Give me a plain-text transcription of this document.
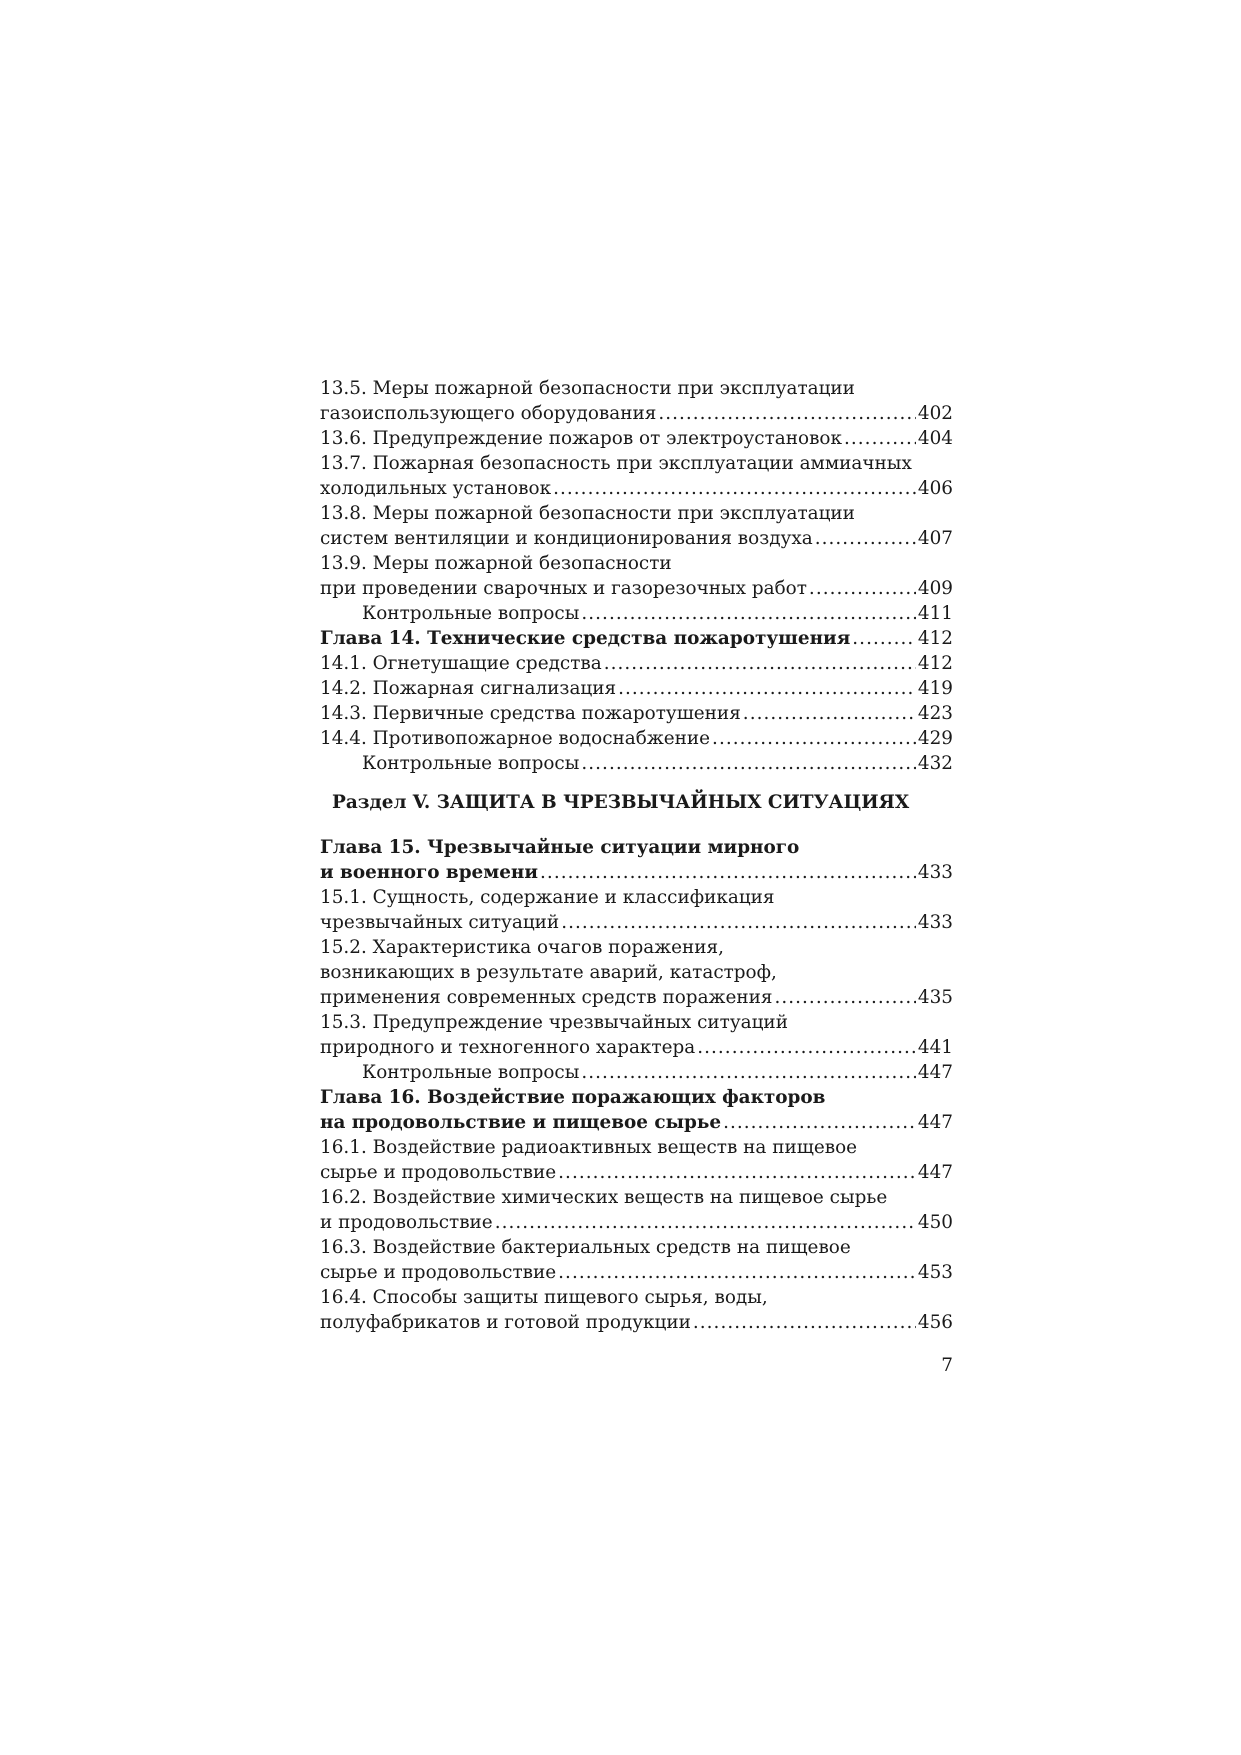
13.5. Меры пожарной безопасности при эксплуатации
газоиспользующего оборудования . . .	402
13.6. Предупреждение пожаров от электроустановок . . .	404
13.7. Пожарная безопасность при эксплуатации аммиачных
холодильных установок . . .	406
13.8. Меры пожарной безопасности при эксплуатации
систем вентиляции и кондиционирования воздуха . . .	407
13.9. Меры пожарной безопасности
при проведении сварочных и газорезочных работ . . .	409
Контрольные вопросы . . .	411
Глава 14. Технические средства пожаротушения . . .	412
14.1. Огнетушащие средства . . .	412
14.2. Пожарная сигнализация . . .	419
14.3. Первичные средства пожаротушения . . .	423
14.4. Противопожарное водоснабжение . . .	429
Контрольные вопросы . . .	432
Раздел V. ЗАЩИТА В ЧРЕЗВЫЧАЙНЫХ СИТУАЦИЯХ
Глава 15. Чрезвычайные ситуации мирного
и военного времени . . .	433
15.1. Сущность, содержание и классификация
чрезвычайных ситуаций . . .	433
15.2. Характеристика очагов поражения,
возникающих в результате аварий, катастроф,
применения современных средств поражения . . .	435
15.3. Предупреждение чрезвычайных ситуаций
природного и техногенного характера . . .	441
Контрольные вопросы . . .	447
Глава 16. Воздействие поражающих факторов
на продовольствие и пищевое сырье . . .	447
16.1. Воздействие радиоактивных веществ на пищевое
сырье и продовольствие . . .	447
16.2. Воздействие химических веществ на пищевое сырье
и продовольствие . . .	450
16.3. Воздействие бактериальных средств на пищевое
сырье и продовольствие . . .	453
16.4. Способы защиты пищевого сырья, воды,
полуфабрикатов и готовой продукции . . .	456
7
